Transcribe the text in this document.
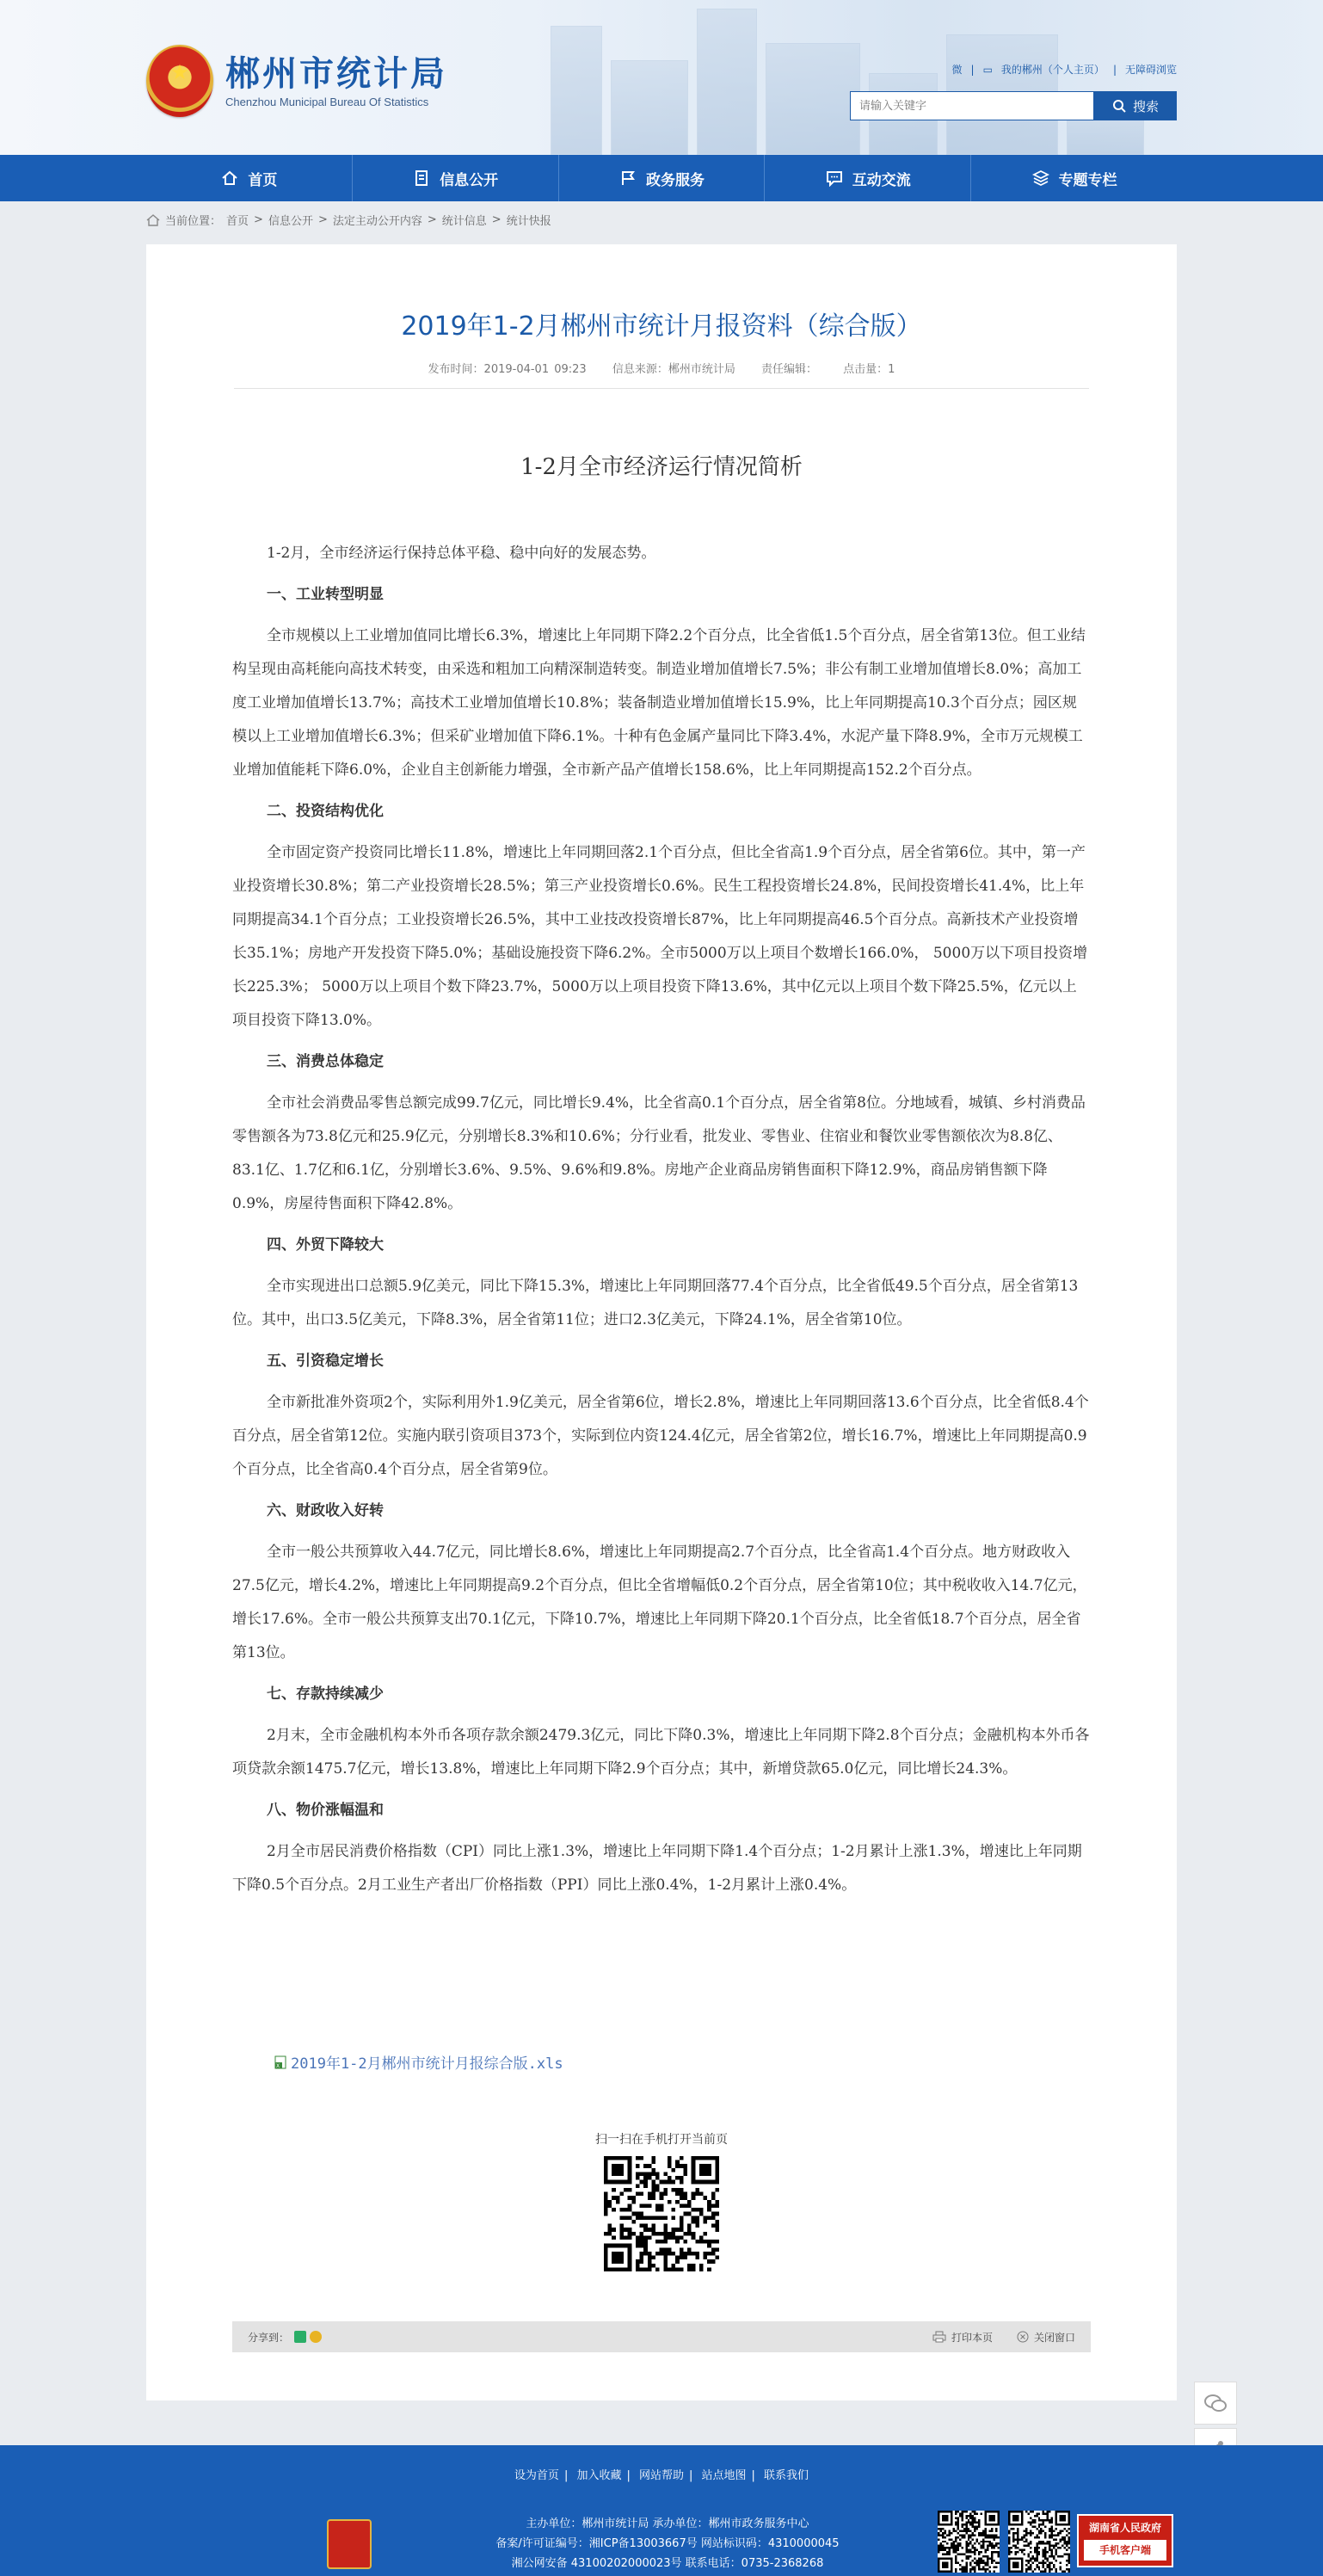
★
郴州市统计局
Chenzhou Municipal Bureau Of Statistics
微 | ▭ 我的郴州（个人主页） | 无障碍浏览
请输入关键字
搜索
首页	信息公开	政务服务	互动交流	专题专栏
当前位置： 首页 > 信息公开 > 法定主动公开内容 > 统计信息 > 统计快报
2019年1-2月郴州市统计月报资料（综合版）
发布时间：2019-04-01 09:23 信息来源：郴州市统计局 责任编辑： 点击量：1
1-2月全市经济运行情况简析

1-2月，全市经济运行保持总体平稳、稳中向好的发展态势。

一、工业转型明显

全市规模以上工业增加值同比增长6.3%，增速比上年同期下降2.2个百分点，比全省低1.5个百分点，居全省第13位。但工业结构呈现由高耗能向高技术转变，由采选和粗加工向精深制造转变。制造业增加值增长7.5%；非公有制工业增加值增长8.0%；高加工度工业增加值增长13.7%；高技术工业增加值增长10.8%；装备制造业增加值增长15.9%，比上年同期提高10.3个百分点；园区规模以上工业增加值增长6.3%；但采矿业增加值下降6.1%。十种有色金属产量同比下降3.4%，水泥产量下降8.9%，全市万元规模工业增加值能耗下降6.0%，企业自主创新能力增强，全市新产品产值增长158.6%，比上年同期提高152.2个百分点。

二、投资结构优化

全市固定资产投资同比增长11.8%，增速比上年同期回落2.1个百分点，但比全省高1.9个百分点，居全省第6位。其中，第一产业投资增长30.8%；第二产业投资增长28.5%；第三产业投资增长0.6%。民生工程投资增长24.8%，民间投资增长41.4%，比上年同期提高34.1个百分点；工业投资增长26.5%，其中工业技改投资增长87%，比上年同期提高46.5个百分点。高新技术产业投资增长35.1%；房地产开发投资下降5.0%；基础设施投资下降6.2%。全市5000万以上项目个数增长166.0%， 5000万以下项目投资增长225.3%； 5000万以上项目个数下降23.7%，5000万以上项目投资下降13.6%，其中亿元以上项目个数下降25.5%，亿元以上项目投资下降13.0%。

三、消费总体稳定

全市社会消费品零售总额完成99.7亿元，同比增长9.4%，比全省高0.1个百分点，居全省第8位。分地域看，城镇、乡村消费品零售额各为73.8亿元和25.9亿元，分别增长8.3%和10.6%；分行业看，批发业、零售业、住宿业和餐饮业零售额依次为8.8亿、83.1亿、1.7亿和6.1亿，分别增长3.6%、9.5%、9.6%和9.8%。房地产企业商品房销售面积下降12.9%，商品房销售额下降0.9%，房屋待售面积下降42.8%。

四、外贸下降较大

全市实现进出口总额5.9亿美元，同比下降15.3%，增速比上年同期回落77.4个百分点，比全省低49.5个百分点，居全省第13位。其中，出口3.5亿美元，下降8.3%，居全省第11位；进口2.3亿美元，下降24.1%，居全省第10位。

五、引资稳定增长

全市新批准外资项2个，实际利用外1.9亿美元，居全省第6位，增长2.8%，增速比上年同期回落13.6个百分点，比全省低8.4个百分点，居全省第12位。实施内联引资项目373个，实际到位内资124.4亿元，居全省第2位，增长16.7%，增速比上年同期提高0.9个百分点，比全省高0.4个百分点，居全省第9位。

六、财政收入好转

全市一般公共预算收入44.7亿元，同比增长8.6%，增速比上年同期提高2.7个百分点，比全省高1.4个百分点。地方财政收入27.5亿元，增长4.2%，增速比上年同期提高9.2个百分点，但比全省增幅低0.2个百分点，居全省第10位；其中税收收入14.7亿元，增长17.6%。全市一般公共预算支出70.1亿元，下降10.7%，增速比上年同期下降20.1个百分点，比全省低18.7个百分点，居全省第13位。

七、存款持续减少

2月末，全市金融机构本外币各项存款余额2479.3亿元，同比下降0.3%，增速比上年同期下降2.8个百分点；金融机构本外币各项贷款余额1475.7亿元，增长13.8%，增速比上年同期下降2.9个百分点；其中，新增贷款65.0亿元，同比增长24.3%。

八、物价涨幅温和

2月全市居民消费价格指数（CPI）同比上涨1.3%，增速比上年同期下降1.4个百分点；1-2月累计上涨1.3%，增速比上年同期下降0.5个百分点。2月工业生产者出厂价格指数（PPI）同比上涨0.4%，1-2月累计上涨0.4%。

X 2019年1-2月郴州市统计月报综合版.xls
扫一扫在手机打开当前页
分享到：	打印本页	关闭窗口
设为首页 | 加入收藏 | 网站帮助 | 站点地图 | 联系我们
主办单位：郴州市统计局 承办单位：郴州市政务服务中心
备案/许可证编号：湘ICP备13003667号 网站标识码：4310000045
湘公网安备 43100202000023号 联系电话：0735-2368268
湖南省人民政府
手机客户端
